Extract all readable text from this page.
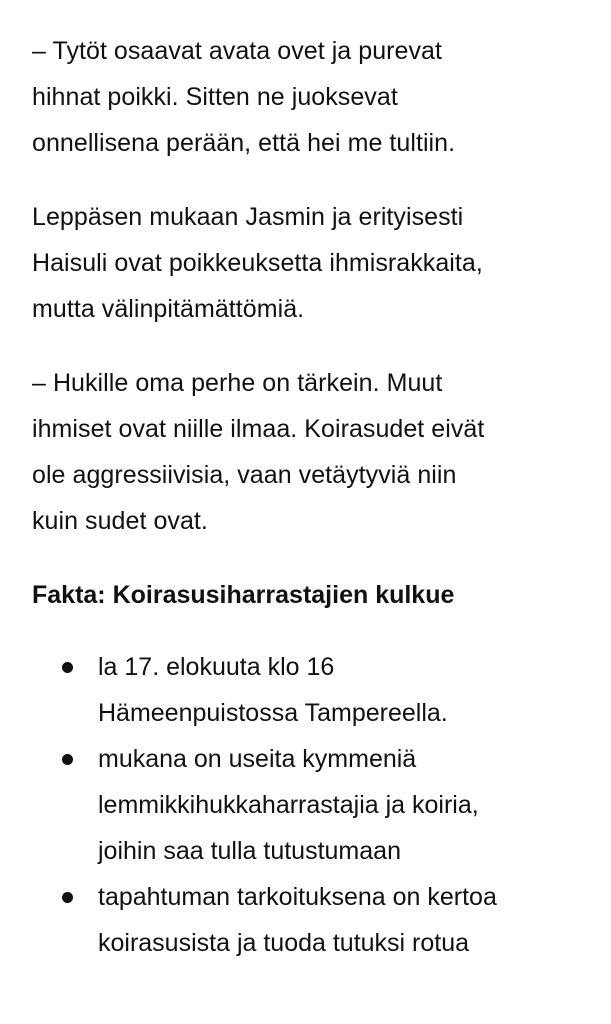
– Tytöt osaavat avata ovet ja purevat
hihnat poikki. Sitten ne juoksevat
onnellisena perään, että hei me tultiin.

Leppäsen mukaan Jasmin ja erityisesti
Haisuli ovat poikkeuksetta ihmisrakkaita,
mutta välinpitämättömiä.

– Hukille oma perhe on tärkein. Muut
ihmiset ovat niille ilmaa. Koirasudet eivät
ole aggressiivisia, vaan vetäytyviä niin
kuin sudet ovat.

Fakta: Koirasusiharrastajien kulkue
la 17. elokuuta klo 16
Hämeenpuistossa Tampereella.
mukana on useita kymmeniä
lemmikkihukkaharrastajia ja koiria,
joihin saa tulla tutustumaan
tapahtuman tarkoituksena on kertoa
koirasusista ja tuoda tutuksi rotua
